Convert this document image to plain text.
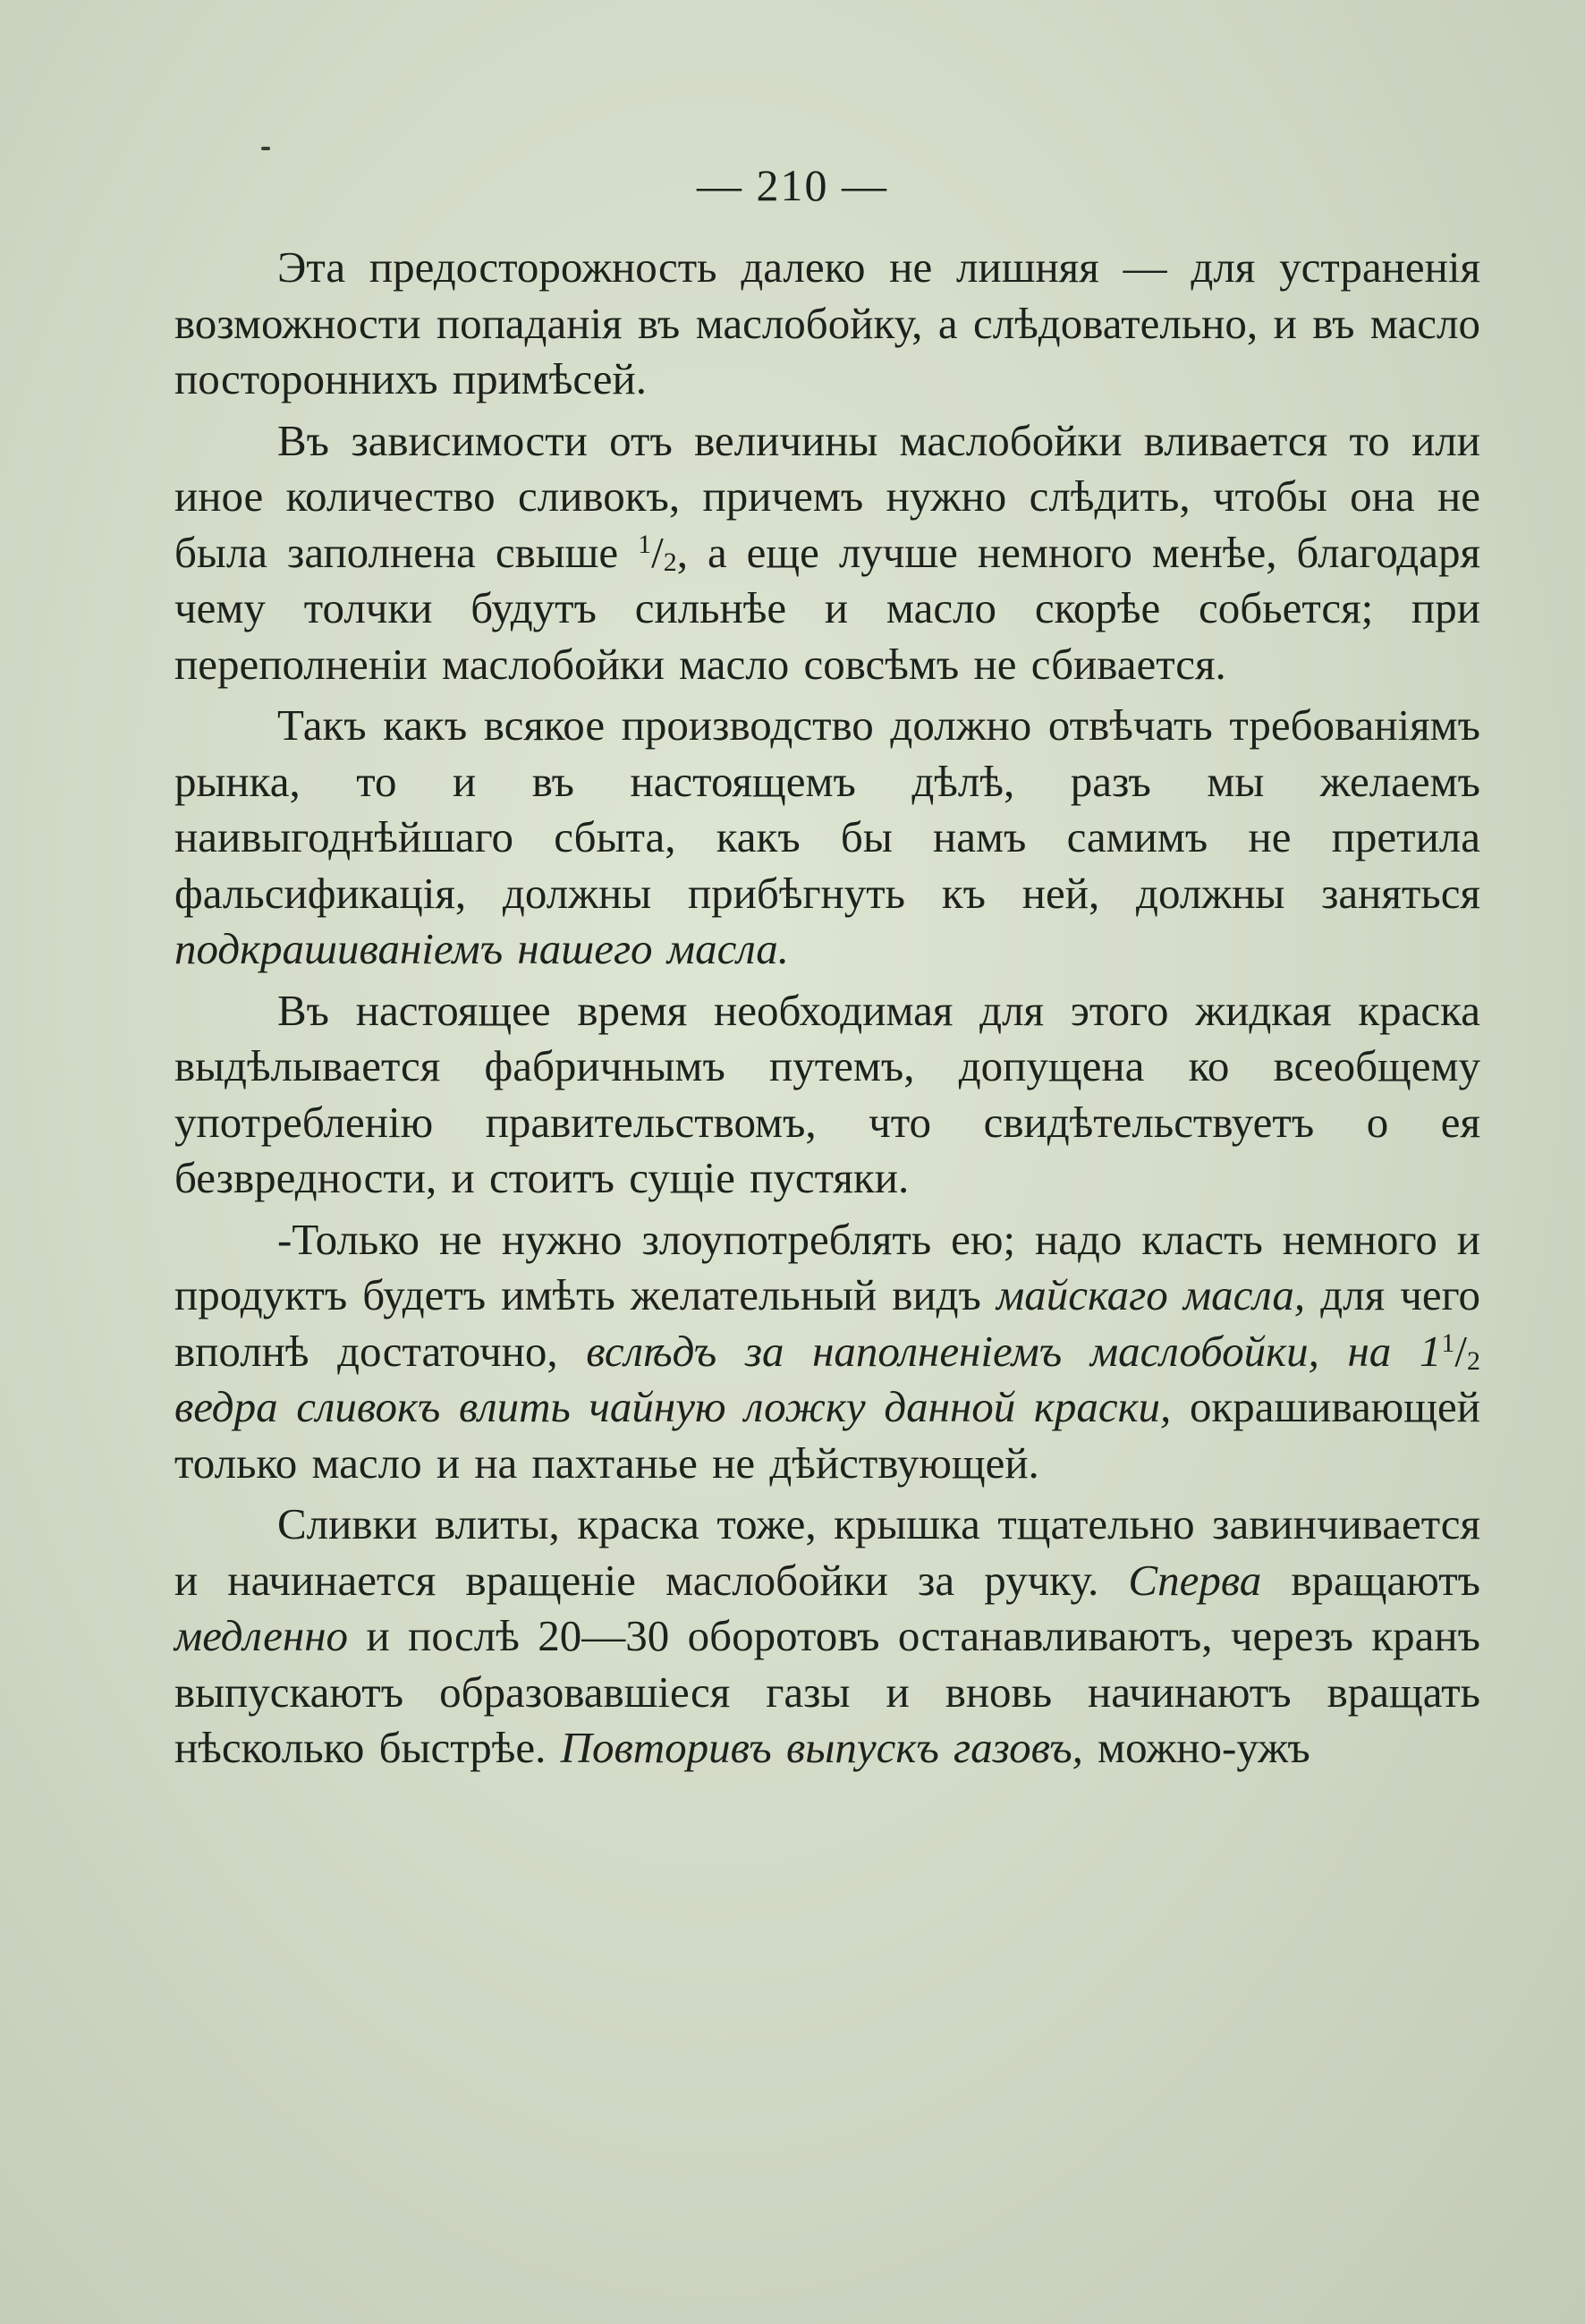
— 210 —

Эта предосторожность далеко не лишняя — для устраненія возможности попаданія въ маслобойку, а слѣдовательно, и въ масло постороннихъ примѣсей.

Въ зависимости отъ величины маслобойки вливается то или иное количество сливокъ, причемъ нужно слѣдить, чтобы она не была заполнена свыше $^1/_2$, а еще лучше немного менѣе, благодаря чему толчки будутъ сильнѣе и масло скорѣе собьется; при переполненіи маслобойки масло совсѣмъ не сбивается.

Такъ какъ всякое производство должно отвѣчать требованіямъ рынка, то и въ настоящемъ дѣлѣ, разъ мы желаемъ наивыгоднѣйшаго сбыта, какъ бы намъ самимъ не претила фальсификація, должны прибѣгнуть къ ней, должны заняться подкрашиваніемъ нашего масла.

Въ настоящее время необходимая для этого жидкая краска выдѣлывается фабричнымъ путемъ, допущена ко всеобщему употребленію правительствомъ, что свидѣтельствуетъ о ея безвредности, и стоитъ сущіе пустяки.

-Только не нужно злоупотреблять ею; надо класть немного и продуктъ будетъ имѣть желательный видъ майскаго масла, для чего вполнѣ достаточно, вслѣдъ за наполненіемъ маслобойки, на $1^1/_2$ ведра сливокъ влить чайную ложку данной краски, окрашивающей только масло и на пахтанье не дѣйствующей.

Сливки влиты, краска тоже, крышка тщательно завинчивается и начинается вращеніе маслобойки за ручку. Сперва вращаютъ медленно и послѣ 20—30 оборотовъ останавливаютъ, черезъ кранъ выпускаютъ образовавшіеся газы и вновь начинаютъ вращать нѣсколько быстрѣе. Повторивъ выпускъ газовъ, можно-ужъ
